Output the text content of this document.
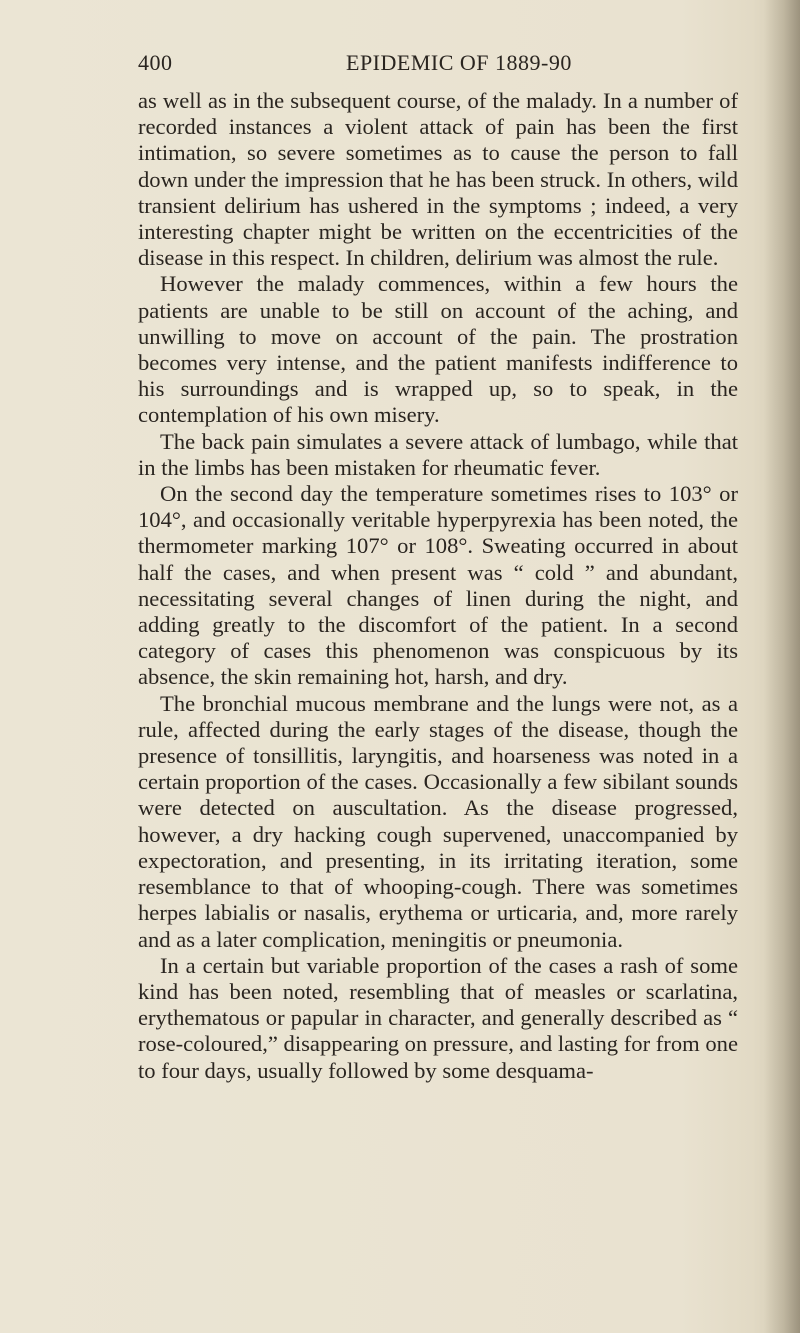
400	EPIDEMIC OF 1889-90

as well as in the subsequent course, of the malady. In a number of recorded instances a violent attack of pain has been the first intimation, so severe sometimes as to cause the person to fall down under the impression that he has been struck. In others, wild transient delirium has ushered in the symptoms ; indeed, a very interesting chapter might be written on the eccentricities of the disease in this respect. In children, delirium was almost the rule.

However the malady commences, within a few hours the patients are unable to be still on account of the aching, and unwilling to move on account of the pain. The prostration becomes very intense, and the patient manifests indifference to his surroundings and is wrapped up, so to speak, in the contemplation of his own misery.

The back pain simulates a severe attack of lumbago, while that in the limbs has been mistaken for rheumatic fever.

On the second day the temperature sometimes rises to 103° or 104°, and occasionally veritable hyperpyrexia has been noted, the thermometer marking 107° or 108°. Sweating occurred in about half the cases, and when present was “ cold ” and abundant, necessitating several changes of linen during the night, and adding greatly to the discomfort of the patient. In a second category of cases this phenomenon was conspicuous by its absence, the skin remaining hot, harsh, and dry.

The bronchial mucous membrane and the lungs were not, as a rule, affected during the early stages of the disease, though the presence of tonsillitis, laryngitis, and hoarseness was noted in a certain proportion of the cases. Occasionally a few sibilant sounds were detected on auscultation. As the disease progressed, however, a dry hacking cough supervened, unaccompanied by expectoration, and presenting, in its irritating iteration, some resemblance to that of whooping-cough. There was sometimes herpes labialis or nasalis, erythema or urticaria, and, more rarely and as a later complication, meningitis or pneumonia.

In a certain but variable proportion of the cases a rash of some kind has been noted, resembling that of measles or scarlatina, erythematous or papular in character, and generally described as “ rose-coloured,” disappearing on pressure, and lasting for from one to four days, usually followed by some desquama-
